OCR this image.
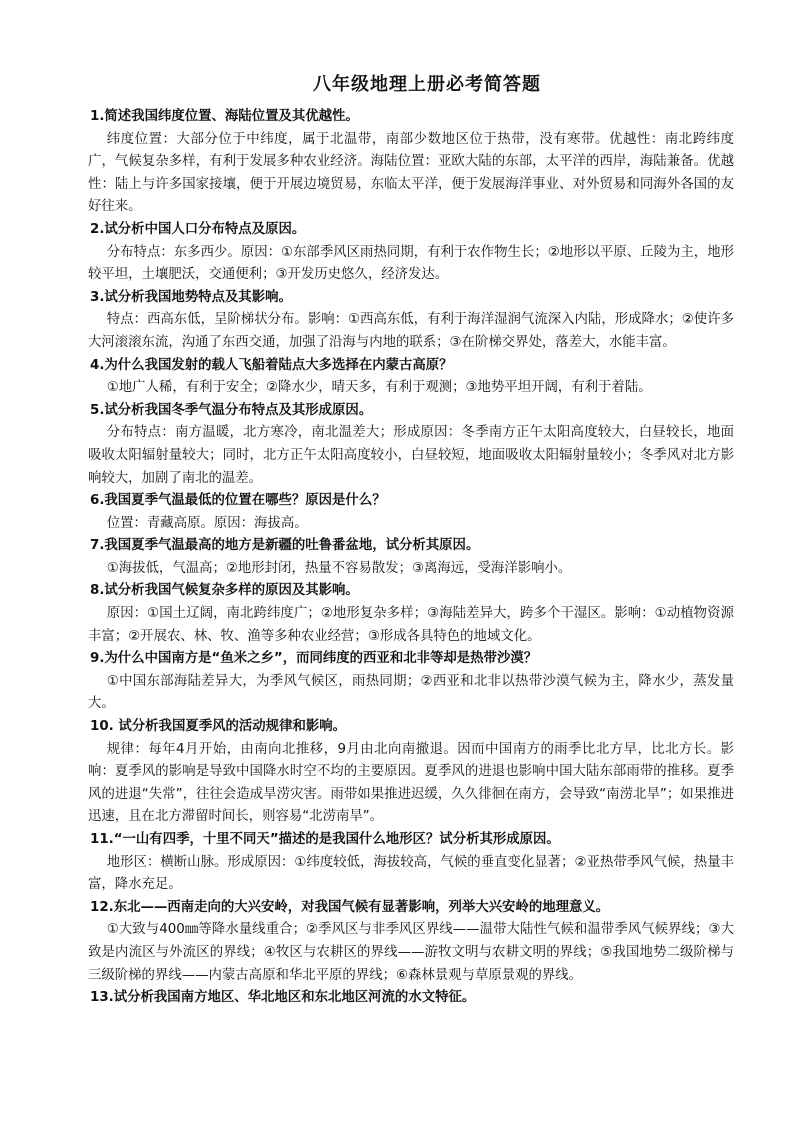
八年级地理上册必考简答题

1.简述我国纬度位置、海陆位置及其优越性。

纬度位置：大部分位于中纬度，属于北温带，南部少数地区位于热带，没有寒带。优越性：南北跨纬度广，气候复杂多样，有利于发展多种农业经济。海陆位置：亚欧大陆的东部，太平洋的西岸，海陆兼备。优越性：陆上与许多国家接壤，便于开展边境贸易，东临太平洋，便于发展海洋事业、对外贸易和同海外各国的友好往来。

2.试分析中国人口分布特点及原因。

分布特点：东多西少。原因：①东部季风区雨热同期，有利于农作物生长；②地形以平原、丘陵为主，地形较平坦，土壤肥沃，交通便利；③开发历史悠久，经济发达。

3.试分析我国地势特点及其影响。

特点：西高东低，呈阶梯状分布。影响：①西高东低，有利于海洋湿润气流深入内陆，形成降水；②使许多大河滚滚东流，沟通了东西交通，加强了沿海与内地的联系；③在阶梯交界处，落差大，水能丰富。

4.为什么我国发射的载人飞船着陆点大多选择在内蒙古高原？

①地广人稀，有利于安全；②降水少，晴天多，有利于观测；③地势平坦开阔，有利于着陆。

5.试分析我国冬季气温分布特点及其形成原因。

分布特点：南方温暖，北方寒冷，南北温差大；形成原因：冬季南方正午太阳高度较大，白昼较长，地面吸收太阳辐射量较大；同时，北方正午太阳高度较小，白昼较短，地面吸收太阳辐射量较小；冬季风对北方影响较大，加剧了南北的温差。

6.我国夏季气温最低的位置在哪些？原因是什么？

位置：青藏高原。原因：海拔高。

7.我国夏季气温最高的地方是新疆的吐鲁番盆地，试分析其原因。

①海拔低，气温高；②地形封闭，热量不容易散发；③离海远，受海洋影响小。

8.试分析我国气候复杂多样的原因及其影响。

原因：①国土辽阔，南北跨纬度广；②地形复杂多样；③海陆差异大，跨多个干湿区。影响：①动植物资源丰富；②开展农、林、牧、渔等多种农业经营；③形成各具特色的地域文化。

9.为什么中国南方是“鱼米之乡”，而同纬度的西亚和北非等却是热带沙漠？

①中国东部海陆差异大，为季风气候区，雨热同期；②西亚和北非以热带沙漠气候为主，降水少，蒸发量大。

10. 试分析我国夏季风的活动规律和影响。

规律：每年4月开始，由南向北推移，9月由北向南撤退。因而中国南方的雨季比北方早，比北方长。影响：夏季风的影响是导致中国降水时空不均的主要原因。夏季风的进退也影响中国大陆东部雨带的推移。夏季风的进退“失常”，往往会造成旱涝灾害。雨带如果推进迟缓，久久徘徊在南方，会导致“南涝北旱”；如果推进迅速，且在北方滞留时间长，则容易“北涝南旱”。

11.“一山有四季，十里不同天”描述的是我国什么地形区？试分析其形成原因。

地形区：横断山脉。形成原因：①纬度较低，海拔较高，气候的垂直变化显著；②亚热带季风气候，热量丰富，降水充足。

12.东北——西南走向的大兴安岭，对我国气候有显著影响，列举大兴安岭的地理意义。

①大致与400㎜等降水量线重合；②季风区与非季风区界线——温带大陆性气候和温带季风气候界线；③大致是内流区与外流区的界线；④牧区与农耕区的界线——游牧文明与农耕文明的界线；⑤我国地势二级阶梯与三级阶梯的界线——内蒙古高原和华北平原的界线；⑥森林景观与草原景观的界线。

13.试分析我国南方地区、华北地区和东北地区河流的水文特征。
